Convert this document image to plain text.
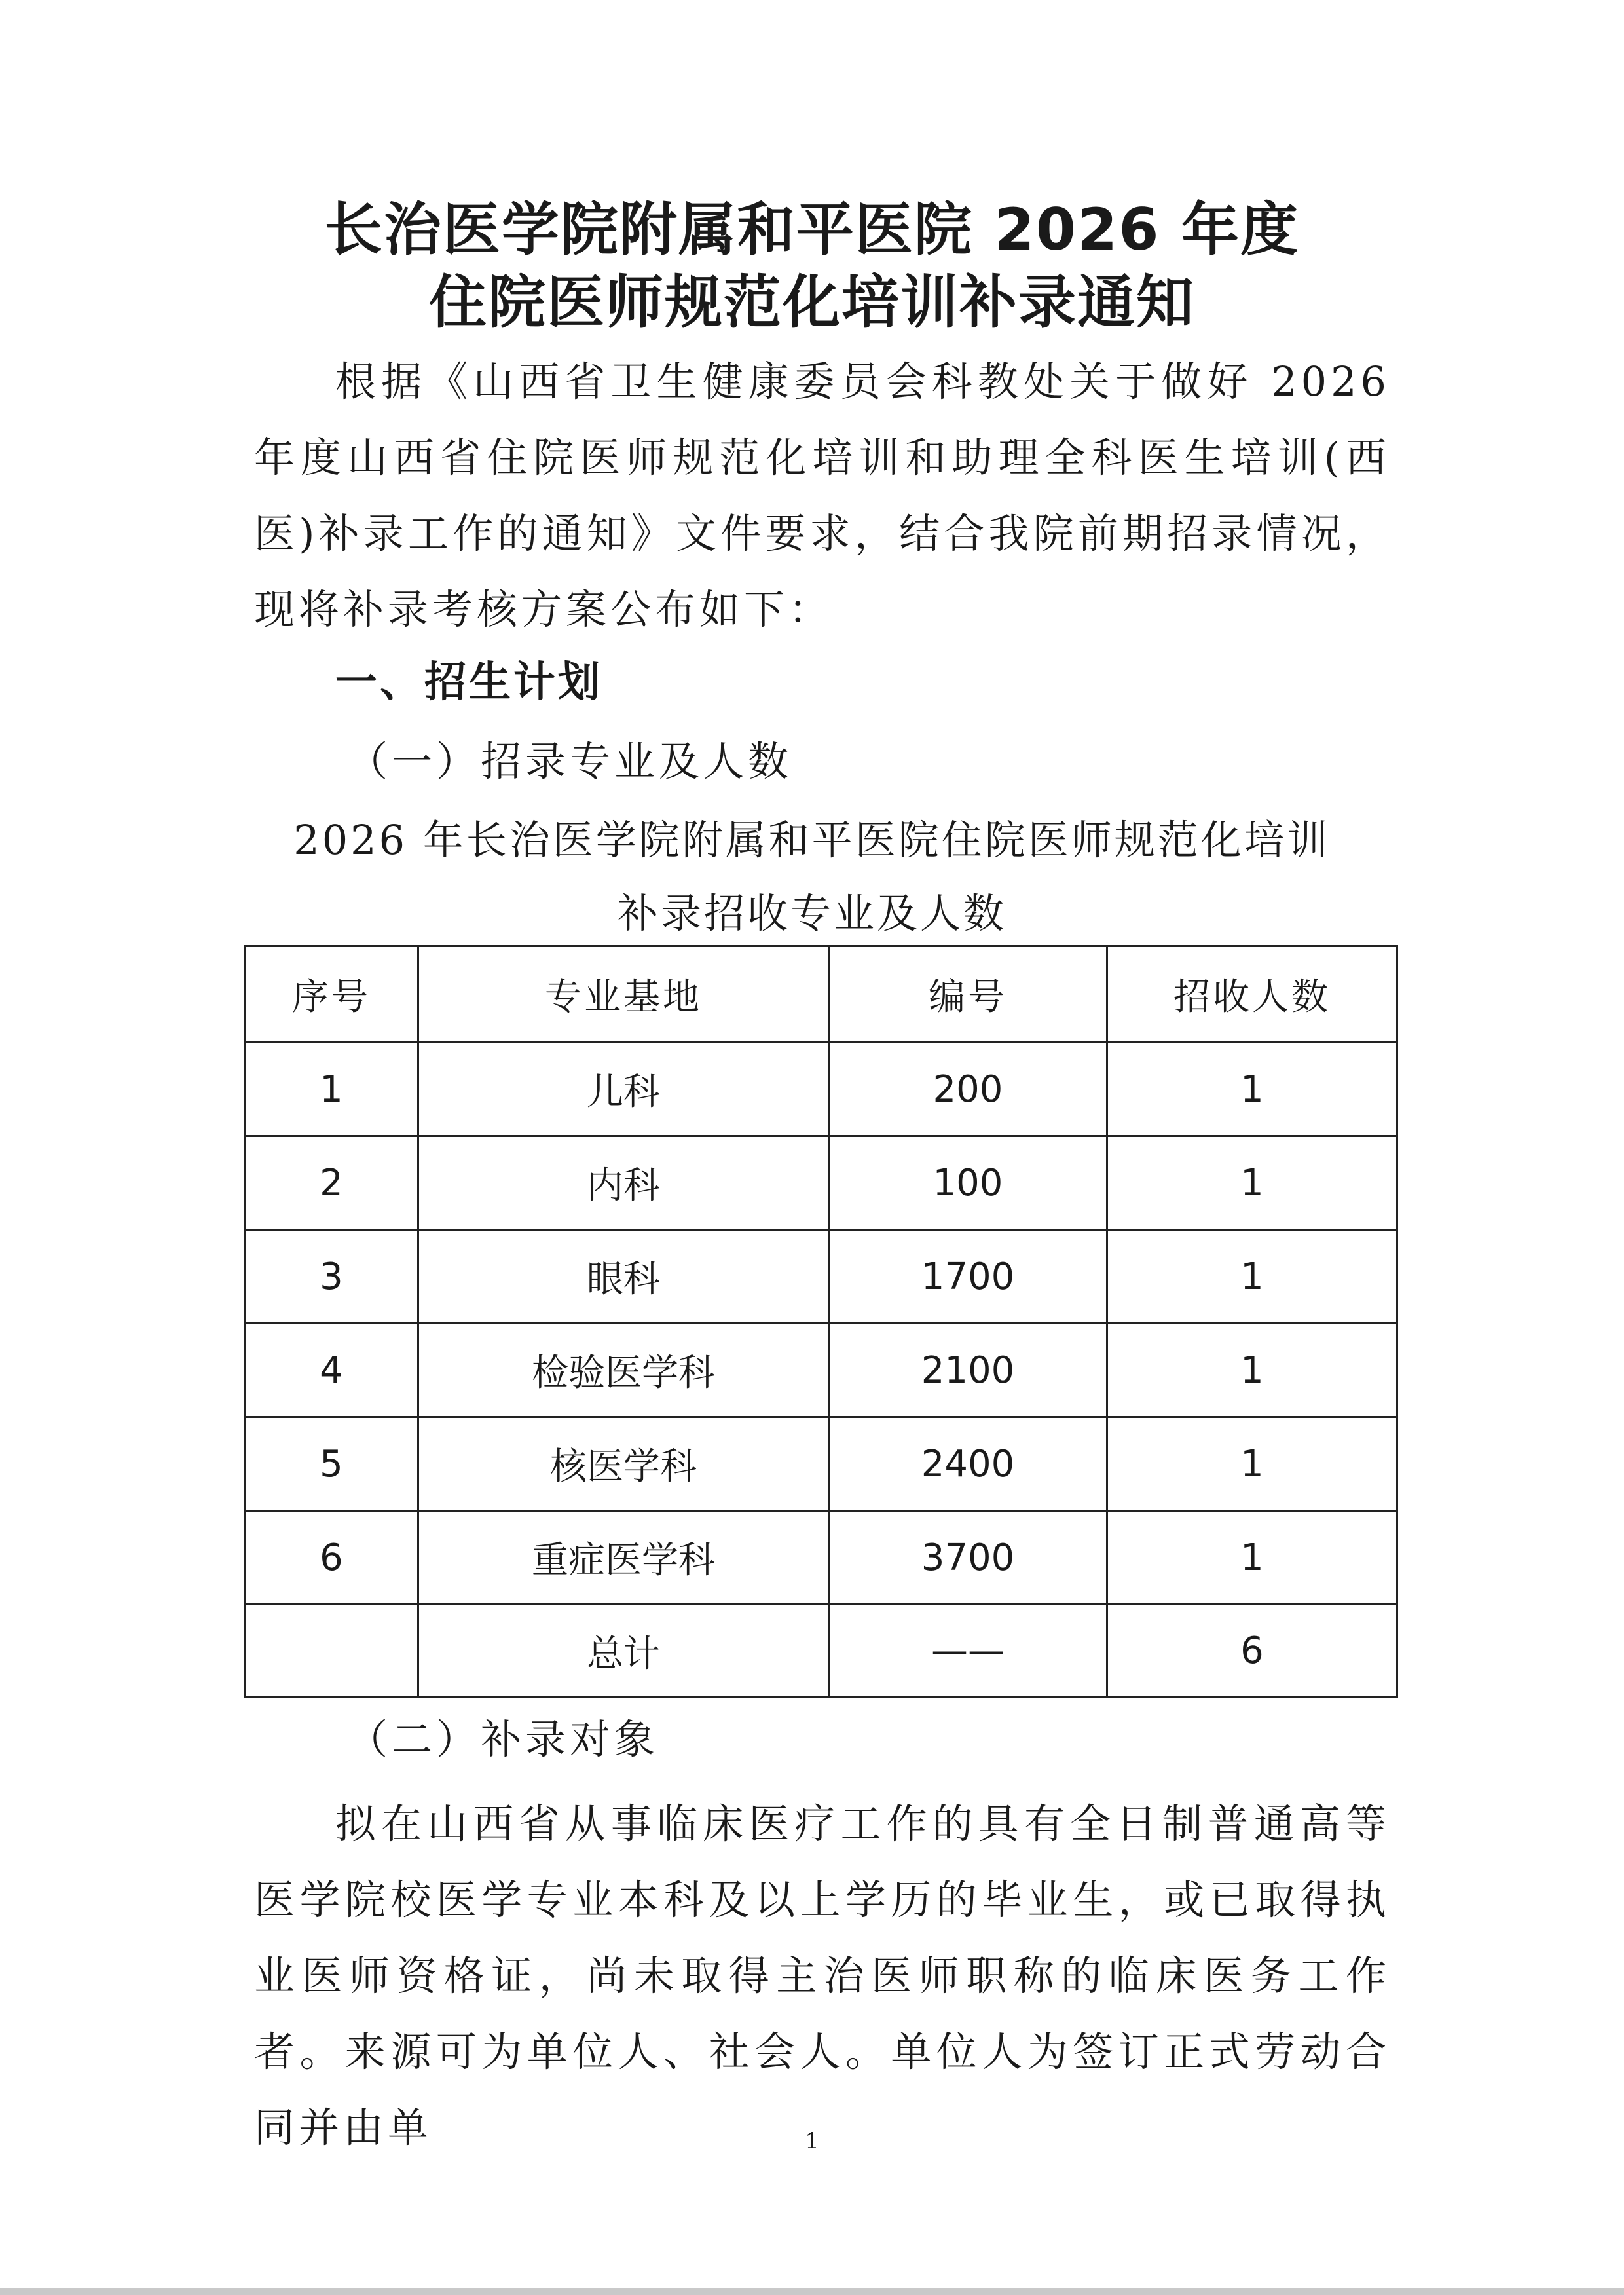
长治医学院附属和平医院 2026 年度
住院医师规范化培训补录通知

根据《山西省卫生健康委员会科教处关于做好 2026 年度山西省住院医师规范化培训和助理全科医生培训(西医)补录工作的通知》文件要求，结合我院前期招录情况，现将补录考核方案公布如下：

一、招生计划
（一）招录专业及人数
2026 年长治医学院附属和平医院住院医师规范化培训
补录招收专业及人数
序号	专业基地	编号	招收人数
1	儿科	200	1
2	内科	100	1
3	眼科	1700	1
4	检验医学科	2100	1
5	核医学科	2400	1
6	重症医学科	3700	1
	总计	——	6
（二）补录对象

拟在山西省从事临床医疗工作的具有全日制普通高等医学院校医学专业本科及以上学历的毕业生，或已取得执业医师资格证，尚未取得主治医师职称的临床医务工作者。来源可为单位人、社会人。单位人为签订正式劳动合同并由单	1
